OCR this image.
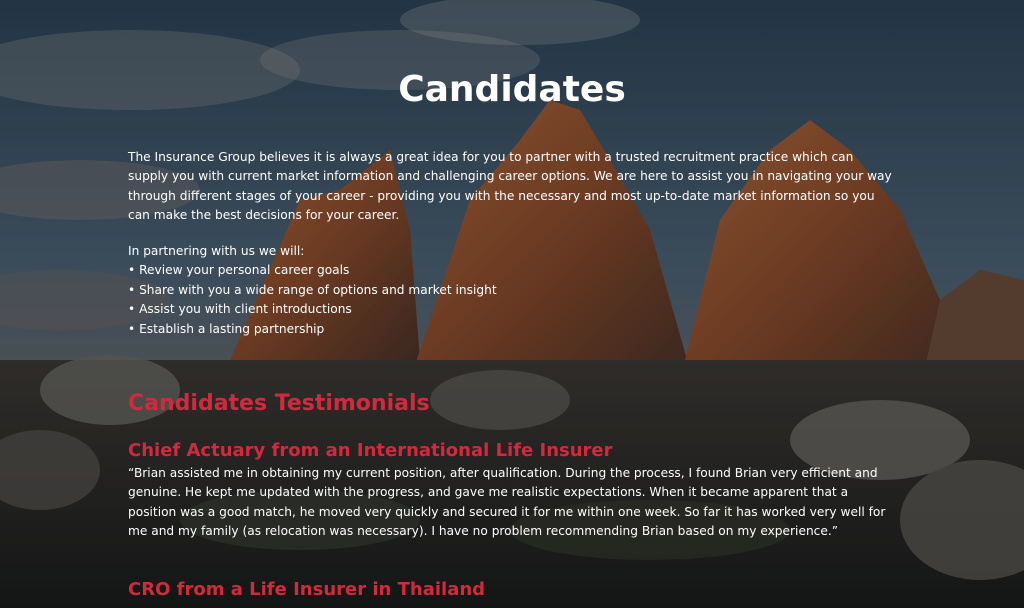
Candidates

The Insurance Group believes it is always a great idea for you to partner with a trusted recruitment practice which can supply you with current market information and challenging career options. We are here to assist you in navigating your way through different stages of your career - providing you with the necessary and most up-to-date market information so you can make the best decisions for your career.

In partnering with us we will:

• Review your personal career goals
• Share with you a wide range of options and market insight
• Assist you with client introductions
• Establish a lasting partnership
Candidates Testimonials
Chief Actuary from an International Life Insurer

“Brian assisted me in obtaining my current position, after qualification. During the process, I found Brian very efficient and genuine. He kept me updated with the progress, and gave me realistic expectations. When it became apparent that a position was a good match, he moved very quickly and secured it for me within one week. So far it has worked very well for me and my family (as relocation was necessary). I have no problem recommending Brian based on my experience.”

CRO from a Life Insurer in Thailand
